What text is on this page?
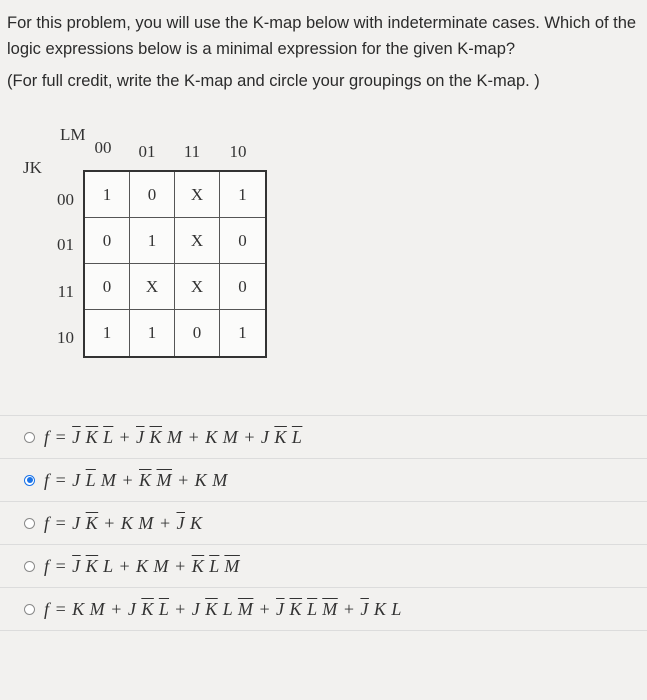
For this problem, you will use the K-map below with indeterminate cases. Which of the logic expressions below is a minimal expression for the given K-map?

(For full credit, write the K-map and circle your groupings on the K-map. )

LM
JK
00	01	11	10
00
01
11
10
1	0	X	1
0	1	X	0
0	X	X	0
1	1	0	1
$f = \overline{J}$ $\overline{K}$ $\overline{L} + \overline{J}$ $\overline{K}$ M + K M + J $\overline{K}$ $\overline{L}$
f = J $\overline{L}$ $M + \overline{K}$ $\overline{M} + K$ M
f = J $\overline{K} + K$ $M + \overline{J}$ K
$f = \overline{J}$ $\overline{K}$ L + K $M + \overline{K}$ $\overline{L}$ $\overline{M}$
f = K M + J $\overline{K}$ $\overline{L} + J$ $\overline{K}$ L $\overline{M} + \overline{J}$ $\overline{K}$ $\overline{L}$ $\overline{M} + \overline{J}$ K L
